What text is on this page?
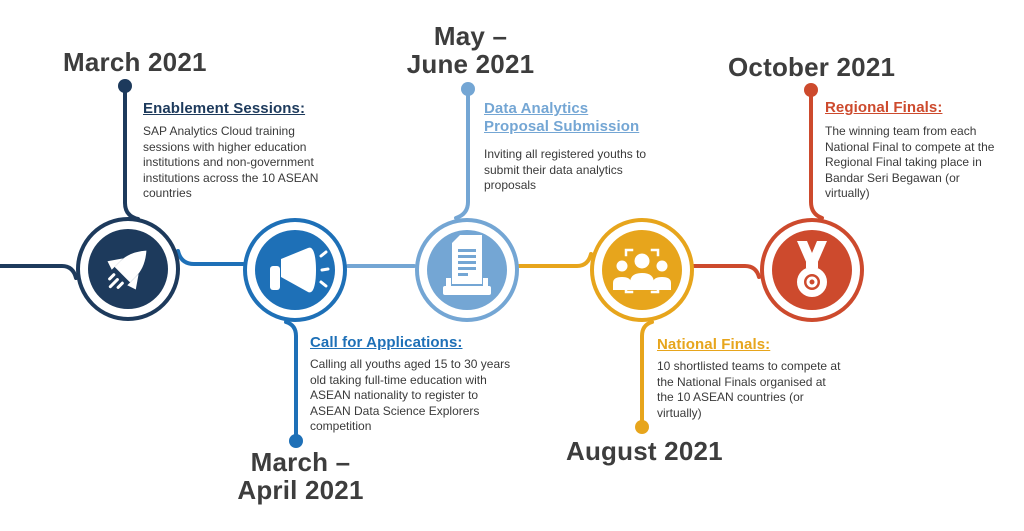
March 2021
Enablement Sessions:

SAP Analytics Cloud training sessions with higher education institutions and non-government institutions across the 10 ASEAN countries

March –
April 2021
Call for Applications:

Calling all youths aged 15 to 30 years old taking full-time education with ASEAN nationality to register to ASEAN Data Science Explorers competition

May –
June 2021
Data Analytics
Proposal Submission

Inviting all registered youths to submit their data analytics proposals

August 2021
National Finals:

10 shortlisted teams to compete at the National Finals organised at the 10 ASEAN countries (or virtually)

October 2021
Regional Finals:

The winning team from each National Final to compete at the Regional Final taking place in Bandar Seri Begawan (or virtually)
